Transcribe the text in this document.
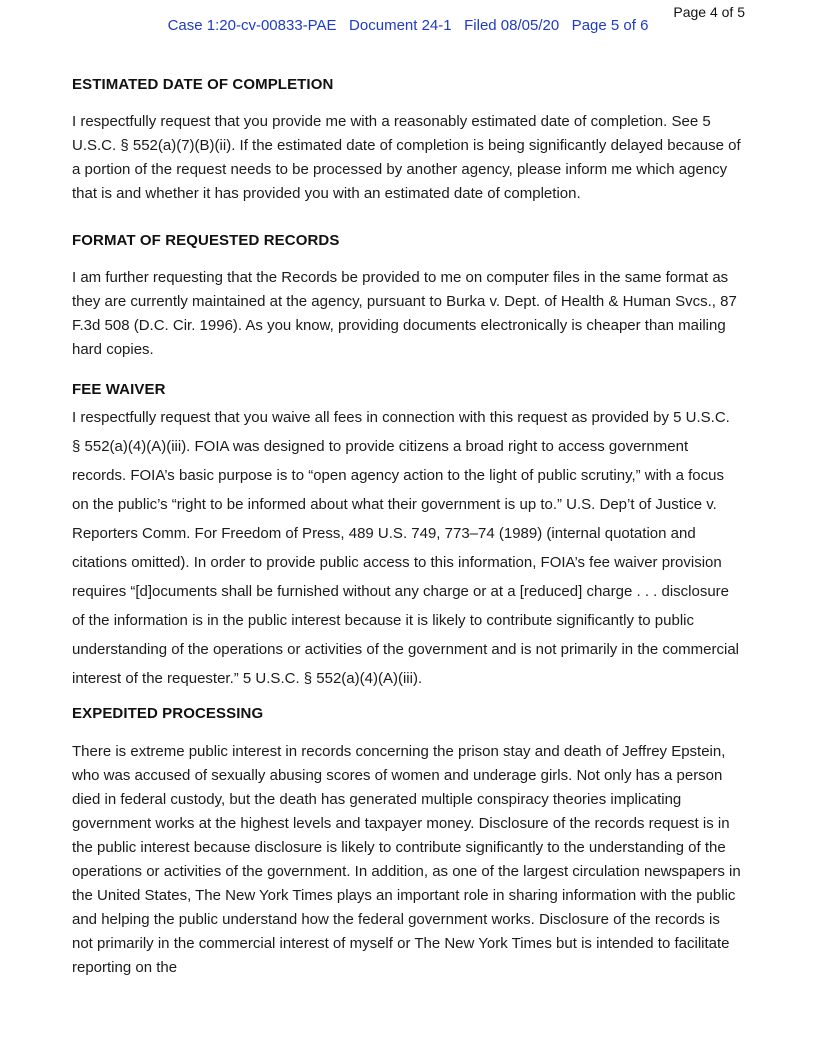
Page 4 of 5
Case 1:20-cv-00833-PAE   Document 24-1   Filed 08/05/20   Page 5 of 6
ESTIMATED DATE OF COMPLETION

I respectfully request that you provide me with a reasonably estimated date of completion. See 5 U.S.C. § 552(a)(7)(B)(ii). If the estimated date of completion is being significantly delayed because of a portion of the request needs to be processed by another agency, please inform me which agency that is and whether it has provided you with an estimated date of completion.

FORMAT OF REQUESTED RECORDS

I am further requesting that the Records be provided to me on computer files in the same format as they are currently maintained at the agency, pursuant to Burka v. Dept. of Health & Human Svcs., 87 F.3d 508 (D.C. Cir. 1996). As you know, providing documents electronically is cheaper than mailing hard copies.

FEE WAIVER

I respectfully request that you waive all fees in connection with this request as provided by 5 U.S.C. § 552(a)(4)(A)(iii). FOIA was designed to provide citizens a broad right to access government records. FOIA’s basic purpose is to “open agency action to the light of public scrutiny,” with a focus on the public’s “right to be informed about what their government is up to.” U.S. Dep’t of Justice v. Reporters Comm. For Freedom of Press, 489 U.S. 749, 773–74 (1989) (internal quotation and citations omitted). In order to provide public access to this information, FOIA’s fee waiver provision requires “[d]ocuments shall be furnished without any charge or at a [reduced] charge . . . disclosure of the information is in the public interest because it is likely to contribute significantly to public understanding of the operations or activities of the government and is not primarily in the commercial interest of the requester.” 5 U.S.C. § 552(a)(4)(A)(iii).

EXPEDITED PROCESSING

There is extreme public interest in records concerning the prison stay and death of Jeffrey Epstein, who was accused of sexually abusing scores of women and underage girls. Not only has a person died in federal custody, but the death has generated multiple conspiracy theories implicating government works at the highest levels and taxpayer money. Disclosure of the records request is in the public interest because disclosure is likely to contribute significantly to the understanding of the operations or activities of the government. In addition, as one of the largest circulation newspapers in the United States, The New York Times plays an important role in sharing information with the public and helping the public understand how the federal government works. Disclosure of the records is not primarily in the commercial interest of myself or The New York Times but is intended to facilitate reporting on the
